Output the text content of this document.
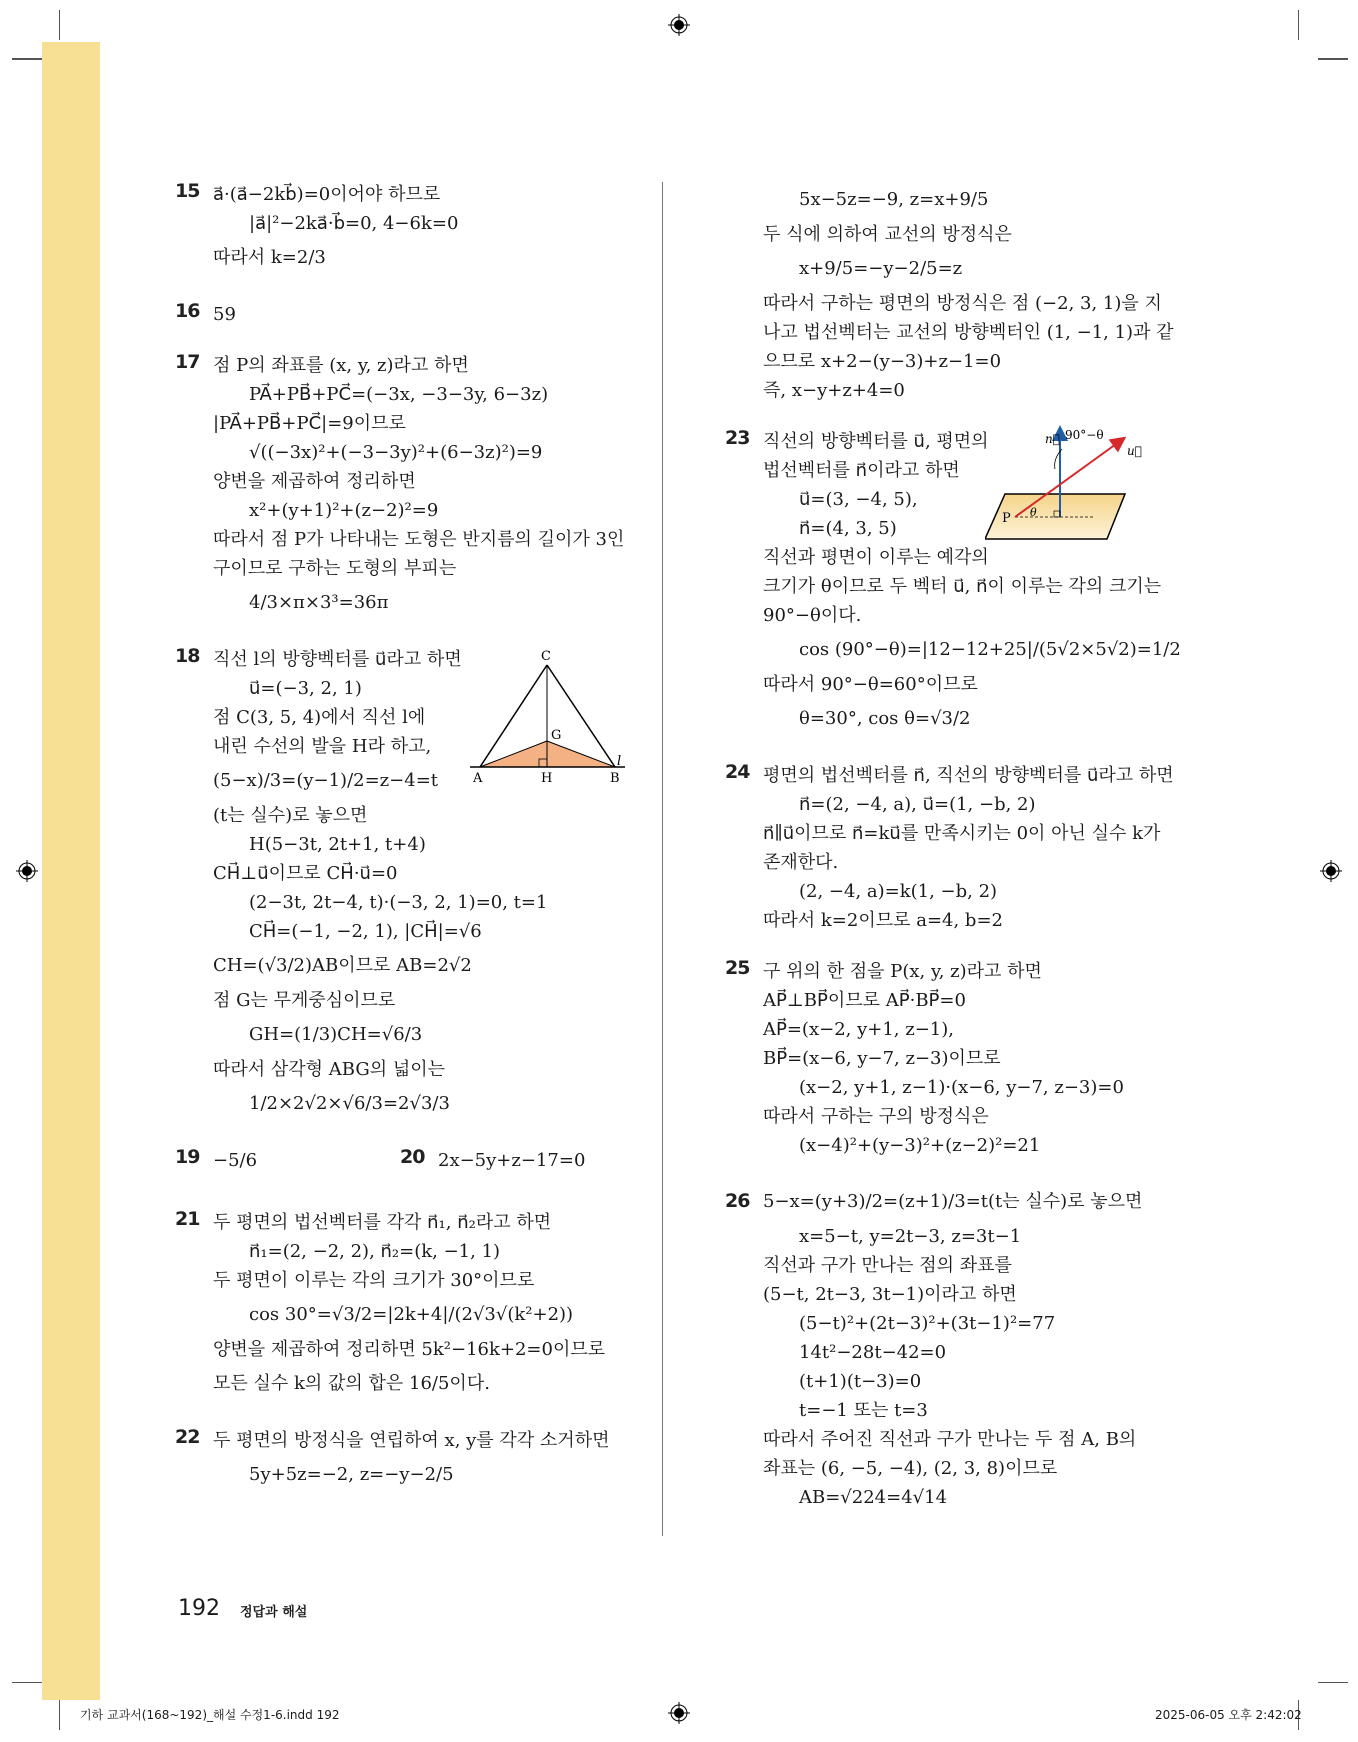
15 a⃗·(a⃗−2kb⃗)=0이어야 하므로
|a⃗|²−2ka⃗·b⃗=0, 4−6k=0
따라서 k=2/3
16 59
17 점 P의 좌표를 (x, y, z)라고 하면
PA⃗+PB⃗+PC⃗=(−3x, −3−3y, 6−3z)
|PA⃗+PB⃗+PC⃗|=9이므로
√((−3x)²+(−3−3y)²+(6−3z)²)=9
양변을 제곱하여 정리하면
x²+(y+1)²+(z−2)²=9
따라서 점 P가 나타내는 도형은 반지름의 길이가 3인
구이므로 구하는 도형의 부피는
4/3×π×3³=36π
18 직선 l의 방향벡터를 u⃗라고 하면
u⃗=(−3, 2, 1)
점 C(3, 5, 4)에서 직선 l에
내린 수선의 발을 H라 하고,
(5−x)/3=(y−1)/2=z−4=t
(t는 실수)로 놓으면
H(5−3t, 2t+1, t+4)
CH⃗⊥u⃗이므로 CH⃗·u⃗=0
(2−3t, 2t−4, t)·(−3, 2, 1)=0, t=1
CH⃗=(−1, −2, 1), |CH⃗|=√6
CH=(√3/2)AB이므로 AB=2√2
점 G는 무게중심이므로
GH=(1/3)CH=√6/3
따라서 삼각형 ABG의 넓이는
1/2×2√2×√6/3=2√3/3
C
G
A	H	B
l
19 −5/6	20 2x−5y+z−17=0
21 두 평면의 법선벡터를 각각 n⃗₁, n⃗₂라고 하면
n⃗₁=(2, −2, 2), n⃗₂=(k, −1, 1)
두 평면이 이루는 각의 크기가 30°이므로
cos 30°=√3/2=|2k+4|/(2√3√(k²+2))
양변을 제곱하여 정리하면 5k²−16k+2=0이므로
모든 실수 k의 값의 합은 16/5이다.
22 두 평면의 방정식을 연립하여 x, y를 각각 소거하면
5y+5z=−2, z=−y−2/5
5x−5z=−9, z=x+9/5
두 식에 의하여 교선의 방정식은
x+9/5=−y−2/5=z
따라서 구하는 평면의 방정식은 점 (−2, 3, 1)을 지
나고 법선벡터는 교선의 방향벡터인 (1, −1, 1)과 같
으므로 x+2−(y−3)+z−1=0
즉, x−y+z+4=0
23 직선의 방향벡터를 u⃗, 평면의
법선벡터를 n⃗이라고 하면
u⃗=(3, −4, 5),
n⃗=(4, 3, 5)
직선과 평면이 이루는 예각의
크기가 θ이므로 두 벡터 u⃗, n⃗이 이루는 각의 크기는
90°−θ이다.
cos (90°−θ)=|12−12+25|/(5√2×5√2)=1/2
따라서 90°−θ=60°이므로
θ=30°, cos θ=√3/2
n⃗ 90°−θ
u⃗
P θ
24 평면의 법선벡터를 n⃗, 직선의 방향벡터를 u⃗라고 하면
n⃗=(2, −4, a), u⃗=(1, −b, 2)
n⃗∥u⃗이므로 n⃗=ku⃗를 만족시키는 0이 아닌 실수 k가
존재한다.
(2, −4, a)=k(1, −b, 2)
따라서 k=2이므로 a=4, b=2
25 구 위의 한 점을 P(x, y, z)라고 하면
AP⃗⊥BP⃗이므로 AP⃗·BP⃗=0
AP⃗=(x−2, y+1, z−1),
BP⃗=(x−6, y−7, z−3)이므로
(x−2, y+1, z−1)·(x−6, y−7, z−3)=0
따라서 구하는 구의 방정식은
(x−4)²+(y−3)²+(z−2)²=21
26 5−x=(y+3)/2=(z+1)/3=t(t는 실수)로 놓으면
x=5−t, y=2t−3, z=3t−1
직선과 구가 만나는 점의 좌표를
(5−t, 2t−3, 3t−1)이라고 하면
(5−t)²+(2t−3)²+(3t−1)²=77
14t²−28t−42=0
(t+1)(t−3)=0
t=−1 또는 t=3
따라서 주어진 직선과 구가 만나는 두 점 A, B의
좌표는 (6, −5, −4), (2, 3, 8)이므로
AB=√224=4√14
192 정답과 해설
기하 교과서(168~192)_해설 수정1-6.indd 192	2025-06-05 오후 2:42:02
